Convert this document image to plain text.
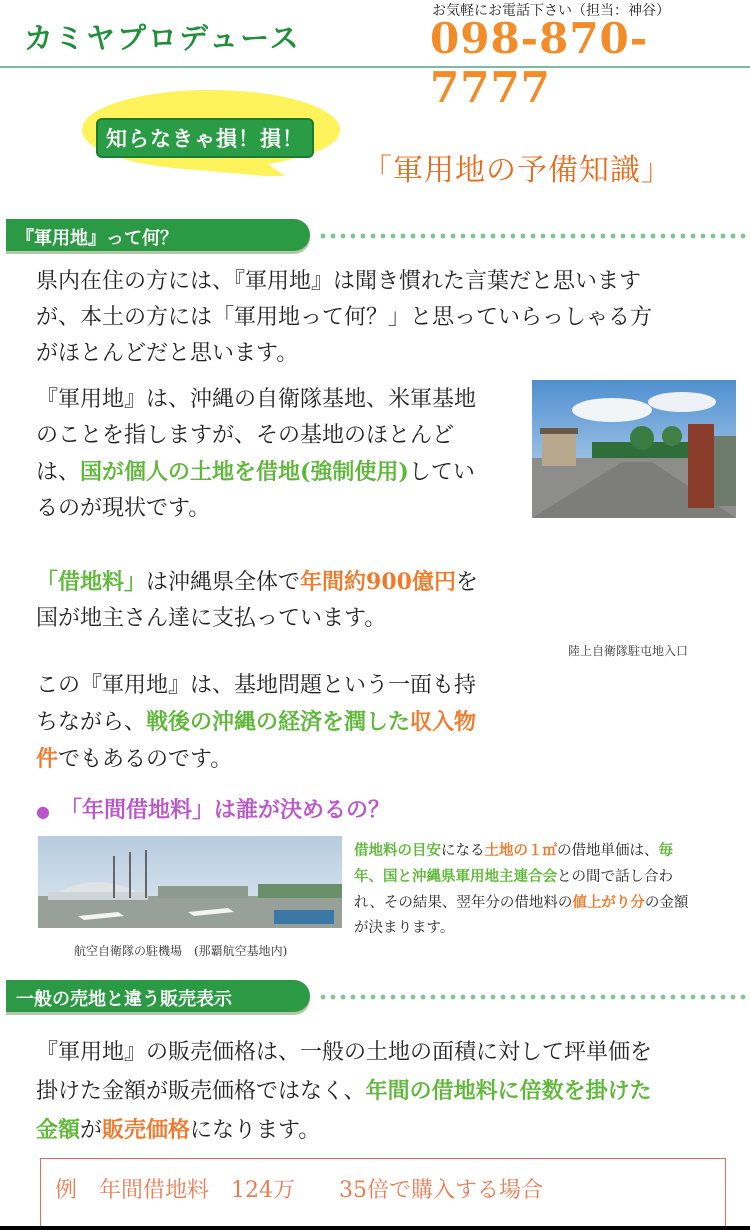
カミヤプロデュース
お気軽にお電話下さい（担当：神谷）
098-870-7777
知らなきゃ損！損！
「軍用地の予備知識」
『軍用地』って何？
県内在住の方には、『軍用地』は聞き慣れた言葉だと思います
が、本土の方には「軍用地って何？」と思っていらっしゃる方
がほとんどだと思います。
『軍用地』は、沖縄の自衛隊基地、米軍基地
のことを指しますが、その基地のほとんど
は、国が個人の土地を借地(強制使用)してい
るのが現状です。
陸上自衛隊駐屯地入口
「借地料」は沖縄県全体で年間約900億円を
国が地主さん達に支払っています。
この『軍用地』は、基地問題という一面も持
ちながら、戦後の沖縄の経済を潤した収入物
件でもあるのです。
● 「年間借地料」は誰が決めるの？
航空自衛隊の駐機場　(那覇航空基地内)
借地料の目安になる土地の１㎡の借地単価は、毎
年、国と沖縄県軍用地主連合会との間で話し合わ
れ、その結果、翌年分の借地料の値上がり分の金額
が決まります。
一般の売地と違う販売表示
『軍用地』の販売価格は、一般の土地の面積に対して坪単価を
掛けた金額が販売価格ではなく、年間の借地料に倍数を掛けた
金額が販売価格になります。
例　年間借地料　124万　　35倍で購入する場合
